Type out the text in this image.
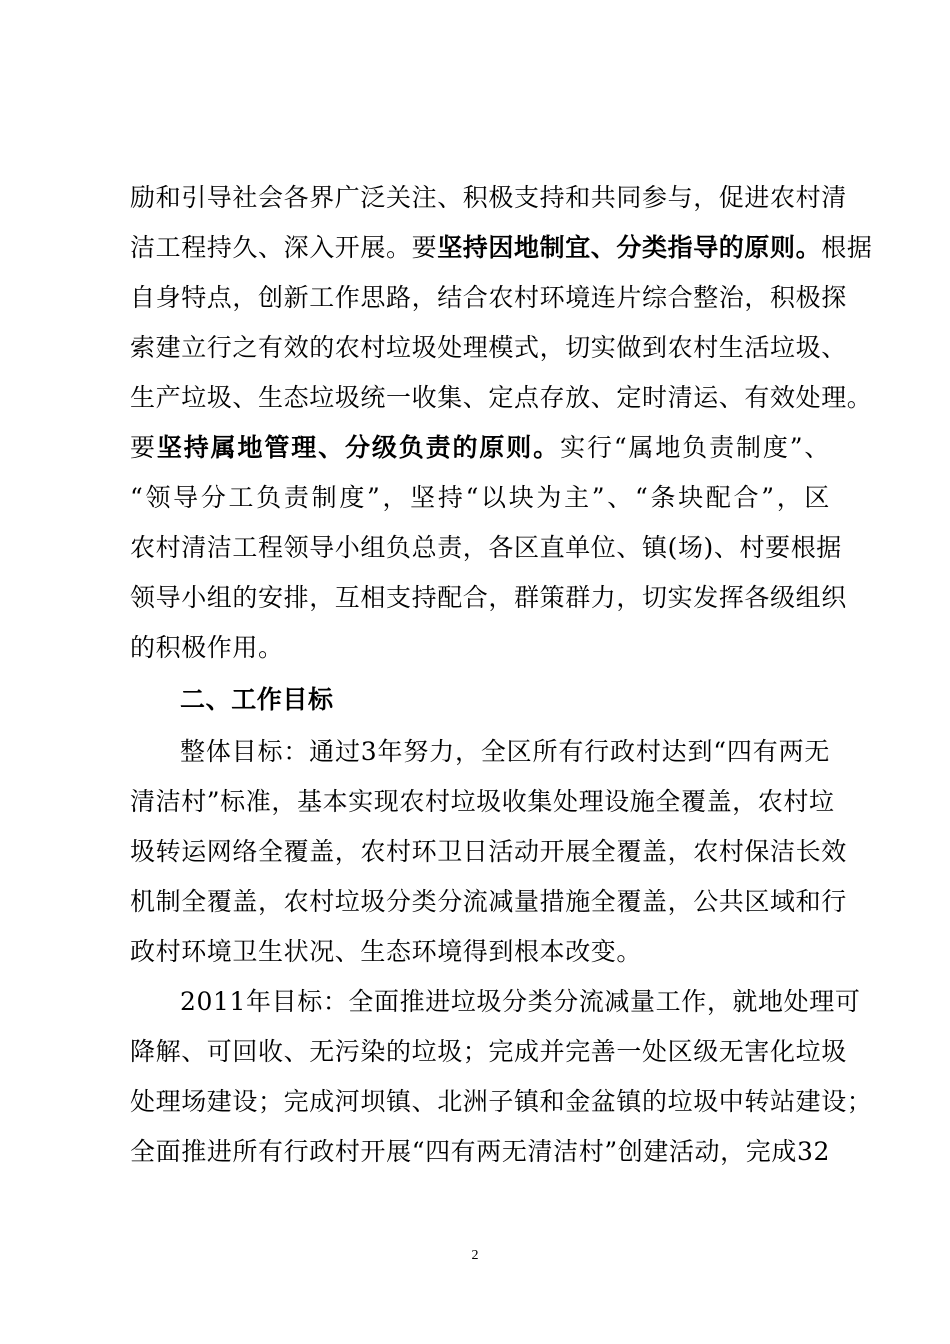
励和引导社会各界广泛关注、积极支持和共同参与，促进农村清
洁工程持久、深入开展。要坚持因地制宜、分类指导的原则。根据
自身特点，创新工作思路，结合农村环境连片综合整治，积极探
索建立行之有效的农村垃圾处理模式，切实做到农村生活垃圾、
生产垃圾、生态垃圾统一收集、定点存放、定时清运、有效处理。
要坚持属地管理、分级负责的原则。实行“属地负责制度”、
“领导分工负责制度”，坚持“以块为主”、“条块配合”，区
农村清洁工程领导小组负总责，各区直单位、镇(场)、村要根据
领导小组的安排，互相支持配合，群策群力，切实发挥各级组织
的积极作用。
二、工作目标
整体目标：通过3年努力，全区所有行政村达到“四有两无
清洁村”标准，基本实现农村垃圾收集处理设施全覆盖，农村垃
圾转运网络全覆盖，农村环卫日活动开展全覆盖，农村保洁长效
机制全覆盖，农村垃圾分类分流减量措施全覆盖，公共区域和行
政村环境卫生状况、生态环境得到根本改变。
2011年目标：全面推进垃圾分类分流减量工作，就地处理可
降解、可回收、无污染的垃圾；完成并完善一处区级无害化垃圾
处理场建设；完成河坝镇、北洲子镇和金盆镇的垃圾中转站建设；
全面推进所有行政村开展“四有两无清洁村”创建活动，完成32
2
